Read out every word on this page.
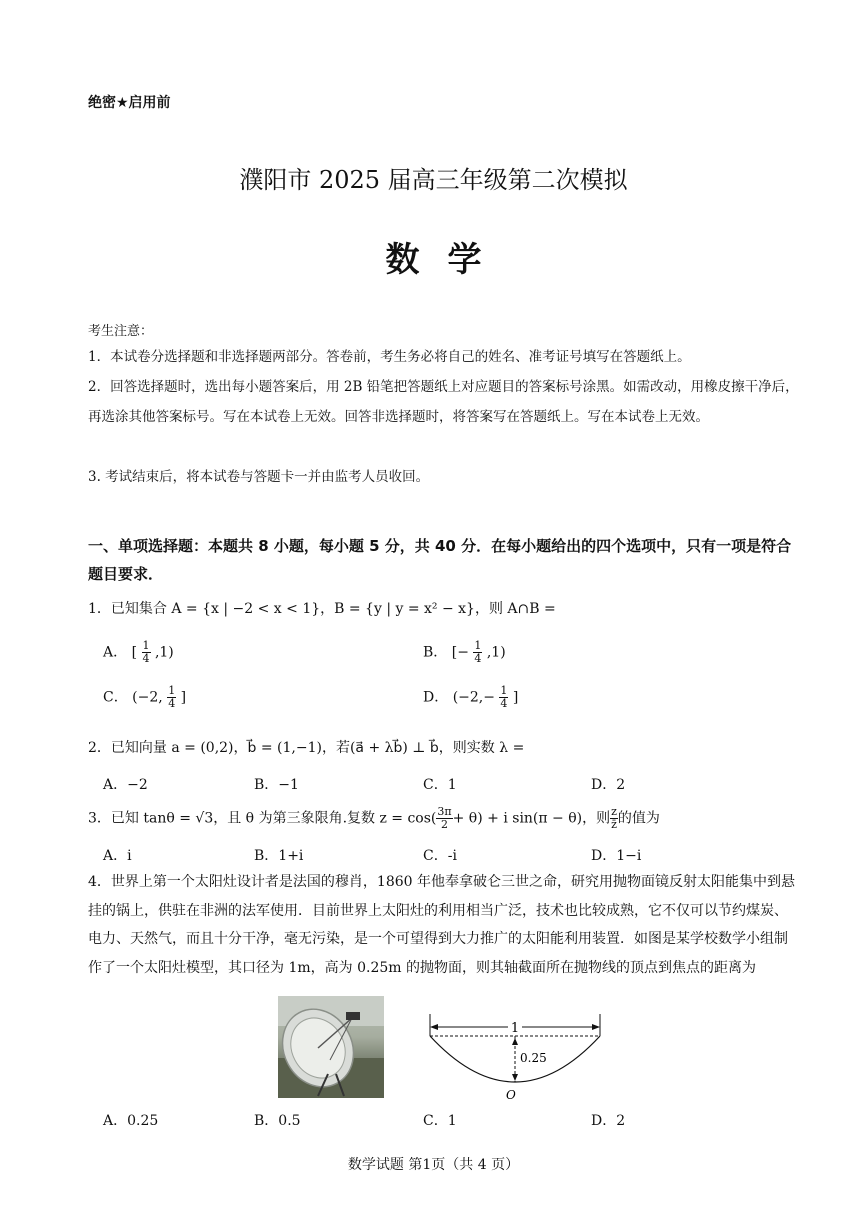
绝密★启用前
濮阳市 2025 届高三年级第二次模拟
数学
考生注意：
1．本试卷分选择题和非选择题两部分。答卷前，考生务必将自己的姓名、准考证号填写在答题纸上。
2．回答选择题时，选出每小题答案后，用 2B 铅笔把答题纸上对应题目的答案标号涂黑。如需改动，用橡皮擦干净后，再选涂其他答案标号。写在本试卷上无效。回答非选择题时，将答案写在答题纸上。写在本试卷上无效。
3. 考试结束后，将本试卷与答题卡一并由监考人员收回。
一、单项选择题：本题共 8 小题，每小题 5 分，共 40 分．在每小题给出的四个选项中，只有一项是符合题目要求．
1．已知集合 A = {x | −2 < x < 1}，B = {y | y = x² − x}，则 A∩B =
A． [ $\frac{1}{4} ,1$)	B． [− $\frac{1}{4} ,1$)
C． (−2, $\frac{1}{4}$ ]	D． ($-2,- \frac{1}{4}$ ]
2．已知向量 a = (0,2)，b⃗ = (1,−1)，若(a⃗ + λb⃗) ⊥ b⃗，则实数 λ =
A．−2	B．−1	C．1	D．2
3．已知 tanθ = √3，且 θ 为第三象限角.复数 $z = \cos( \frac{3\pi}{2} + \theta) + i$ sin(π − θ)，则 $\frac{z}{z̄}$ 的值为
A．i	B．1+i	C．-i	D．1−i
4．世界上第一个太阳灶设计者是法国的穆肖，1860 年他奉拿破仑三世之命，研究用抛物面镜反射太阳能集中到悬挂的锅上，供驻在非洲的法军使用．目前世界上太阳灶的利用相当广泛，技术也比较成熟，它不仅可以节约煤炭、电力、天然气，而且十分干净，毫无污染，是一个可望得到大力推广的太阳能利用装置．如图是某学校数学小组制作了一个太阳灶模型，其口径为 1m，高为 0.25m 的抛物面，则其轴截面所在抛物线的顶点到焦点的距离为
1
0.25
O
A．0.25	B．0.5	C．1	D．2
数学试题 第1页（共 4 页）
